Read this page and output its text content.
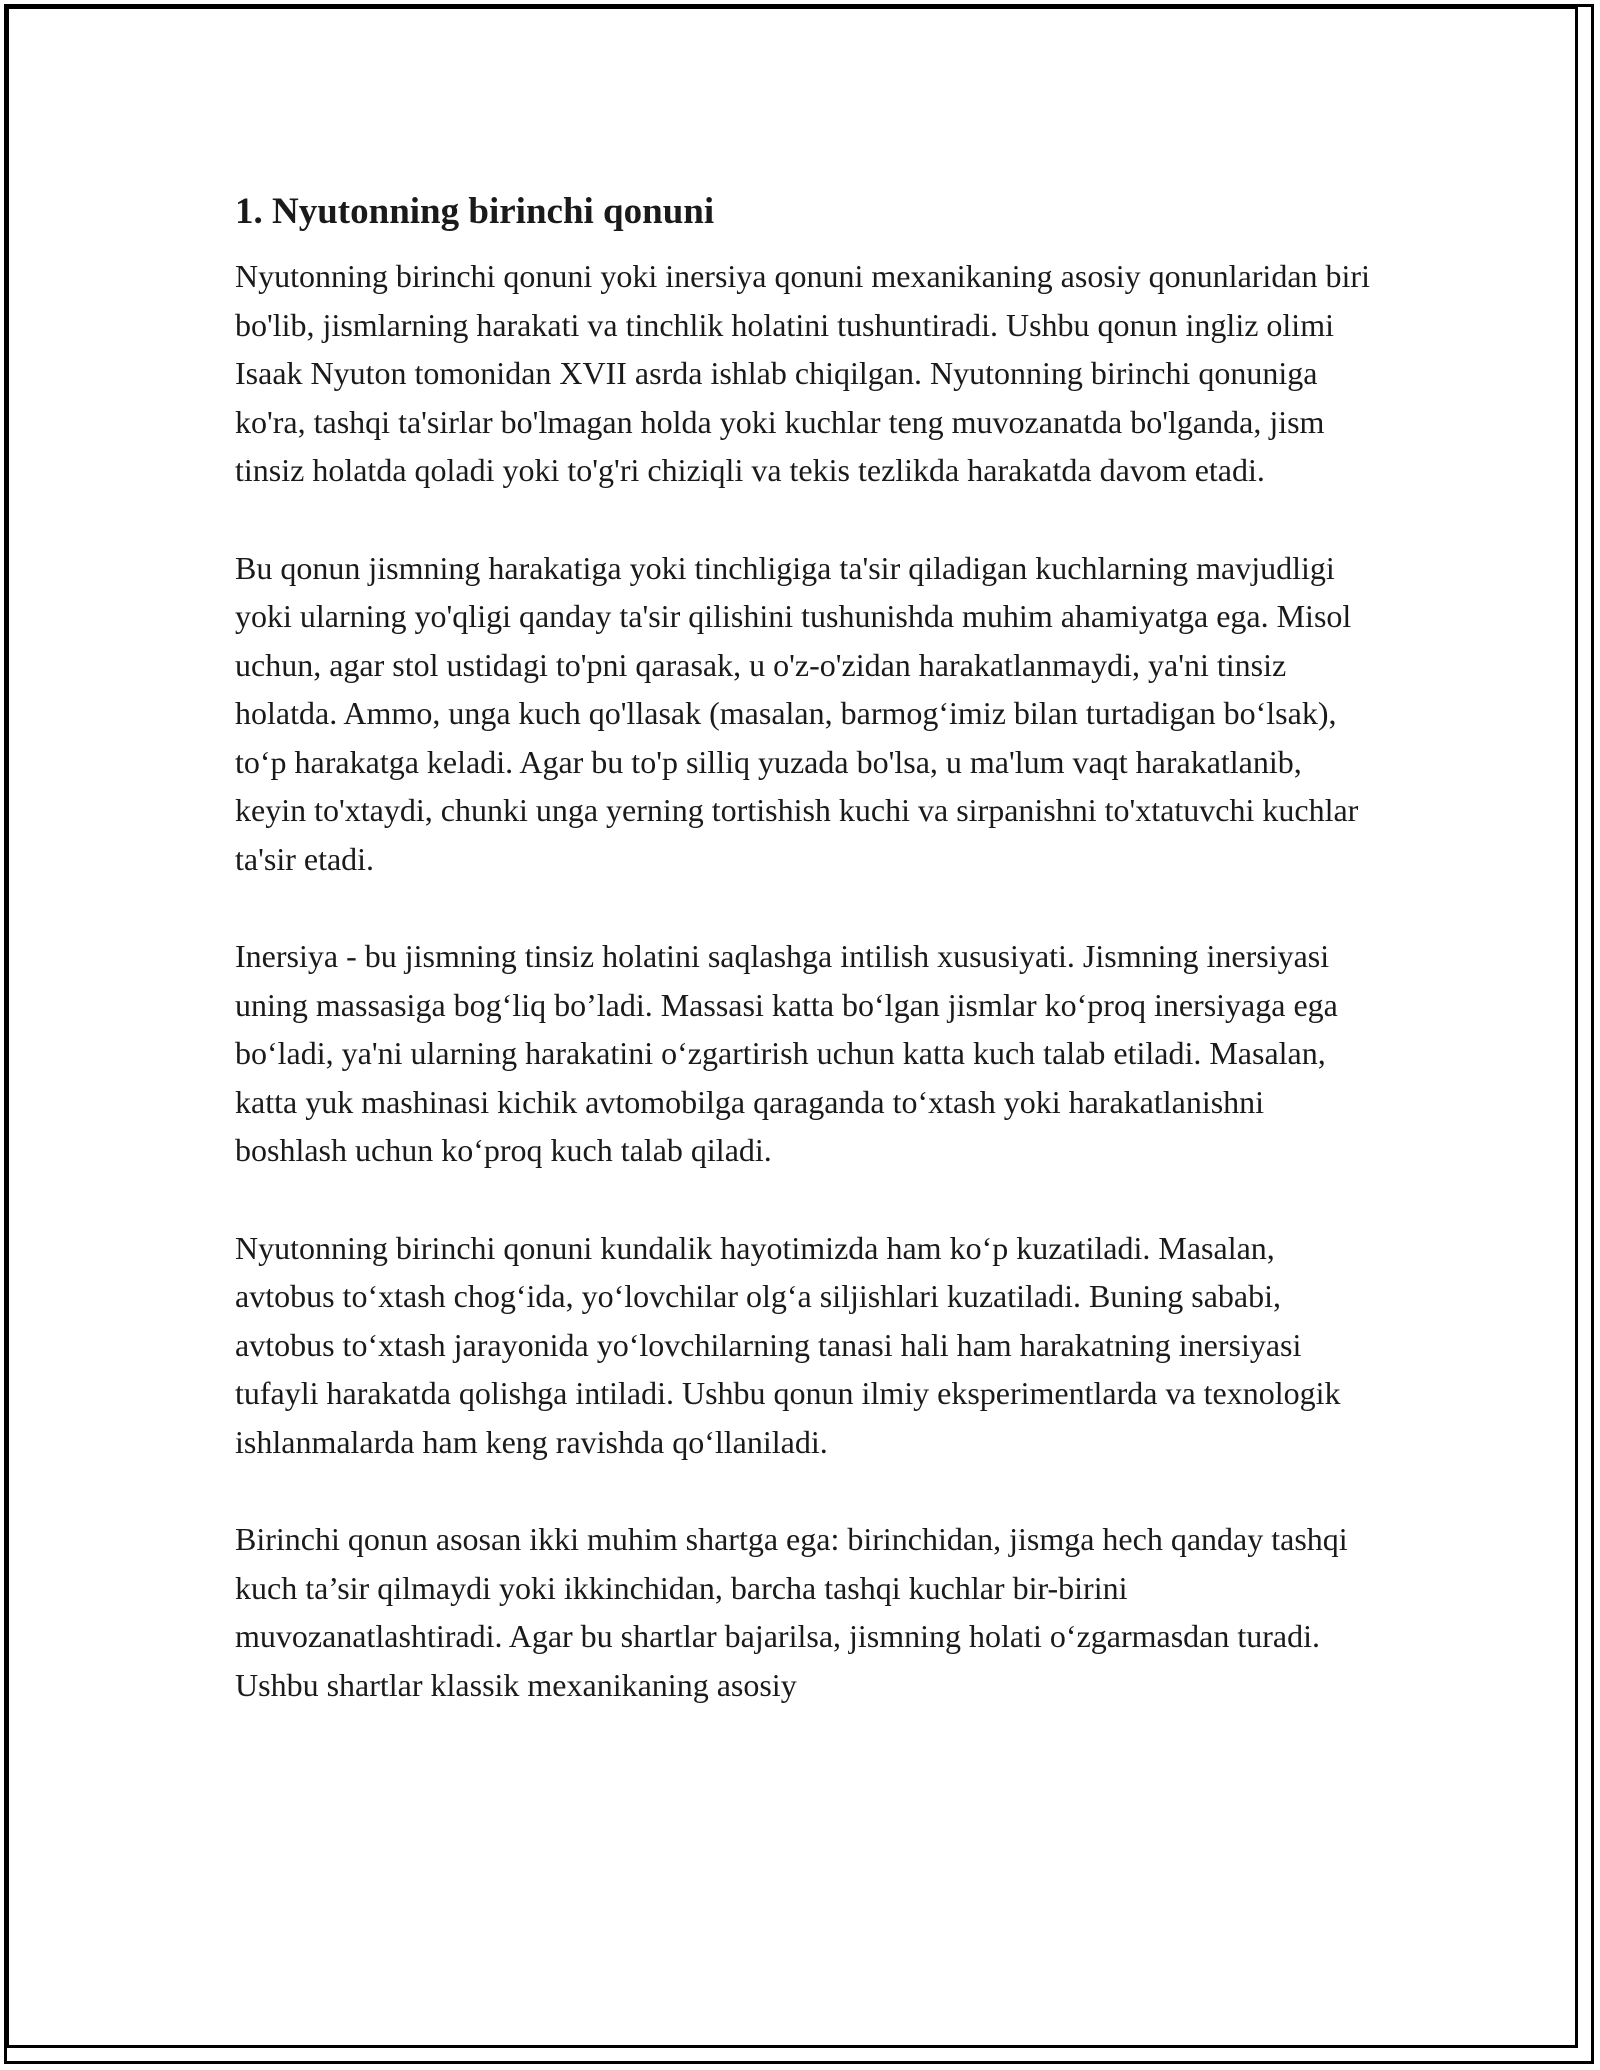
1. Nyutonning birinchi qonuni

Nyutonning birinchi qonuni yoki inersiya qonuni mexanikaning asosiy qonunlaridan biri bo'lib, jismlarning harakati va tinchlik holatini tushuntiradi. Ushbu qonun ingliz olimi Isaak Nyuton tomonidan XVII asrda ishlab chiqilgan. Nyutonning birinchi qonuniga ko'ra, tashqi ta'sirlar bo'lmagan holda yoki kuchlar teng muvozanatda bo'lganda, jism tinsiz holatda qoladi yoki to'g'ri chiziqli va tekis tezlikda harakatda davom etadi.

Bu qonun jismning harakatiga yoki tinchligiga ta'sir qiladigan kuchlarning mavjudligi yoki ularning yo'qligi qanday ta'sir qilishini tushunishda muhim ahamiyatga ega. Misol uchun, agar stol ustidagi to'pni qarasak, u o'z-o'zidan harakatlanmaydi, ya'ni tinsiz holatda. Ammo, unga kuch qo'llasak (masalan, barmog‘imiz bilan turtadigan bo‘lsak), to‘p harakatga keladi. Agar bu to'p silliq yuzada bo'lsa, u ma'lum vaqt harakatlanib, keyin to'xtaydi, chunki unga yerning tortishish kuchi va sirpanishni to'xtatuvchi kuchlar ta'sir etadi.

Inersiya - bu jismning tinsiz holatini saqlashga intilish xususiyati. Jismning inersiyasi uning massasiga bog‘liq bo’ladi. Massasi katta bo‘lgan jismlar ko‘proq inersiyaga ega bo‘ladi, ya'ni ularning harakatini o‘zgartirish uchun katta kuch talab etiladi. Masalan, katta yuk mashinasi kichik avtomobilga qaraganda to‘xtash yoki harakatlanishni boshlash uchun ko‘proq kuch talab qiladi.

Nyutonning birinchi qonuni kundalik hayotimizda ham ko‘p kuzatiladi. Masalan, avtobus to‘xtash chog‘ida, yo‘lovchilar olg‘a siljishlari kuzatiladi. Buning sababi, avtobus to‘xtash jarayonida yo‘lovchilarning tanasi hali ham harakatning inersiyasi tufayli harakatda qolishga intiladi. Ushbu qonun ilmiy eksperimentlarda va texnologik ishlanmalarda ham keng ravishda qo‘llaniladi.

Birinchi qonun asosan ikki muhim shartga ega: birinchidan, jismga hech qanday tashqi kuch ta’sir qilmaydi yoki ikkinchidan, barcha tashqi kuchlar bir-birini muvozanatlashtiradi. Agar bu shartlar bajarilsa, jismning holati o‘zgarmasdan turadi. Ushbu shartlar klassik mexanikaning asosiy
